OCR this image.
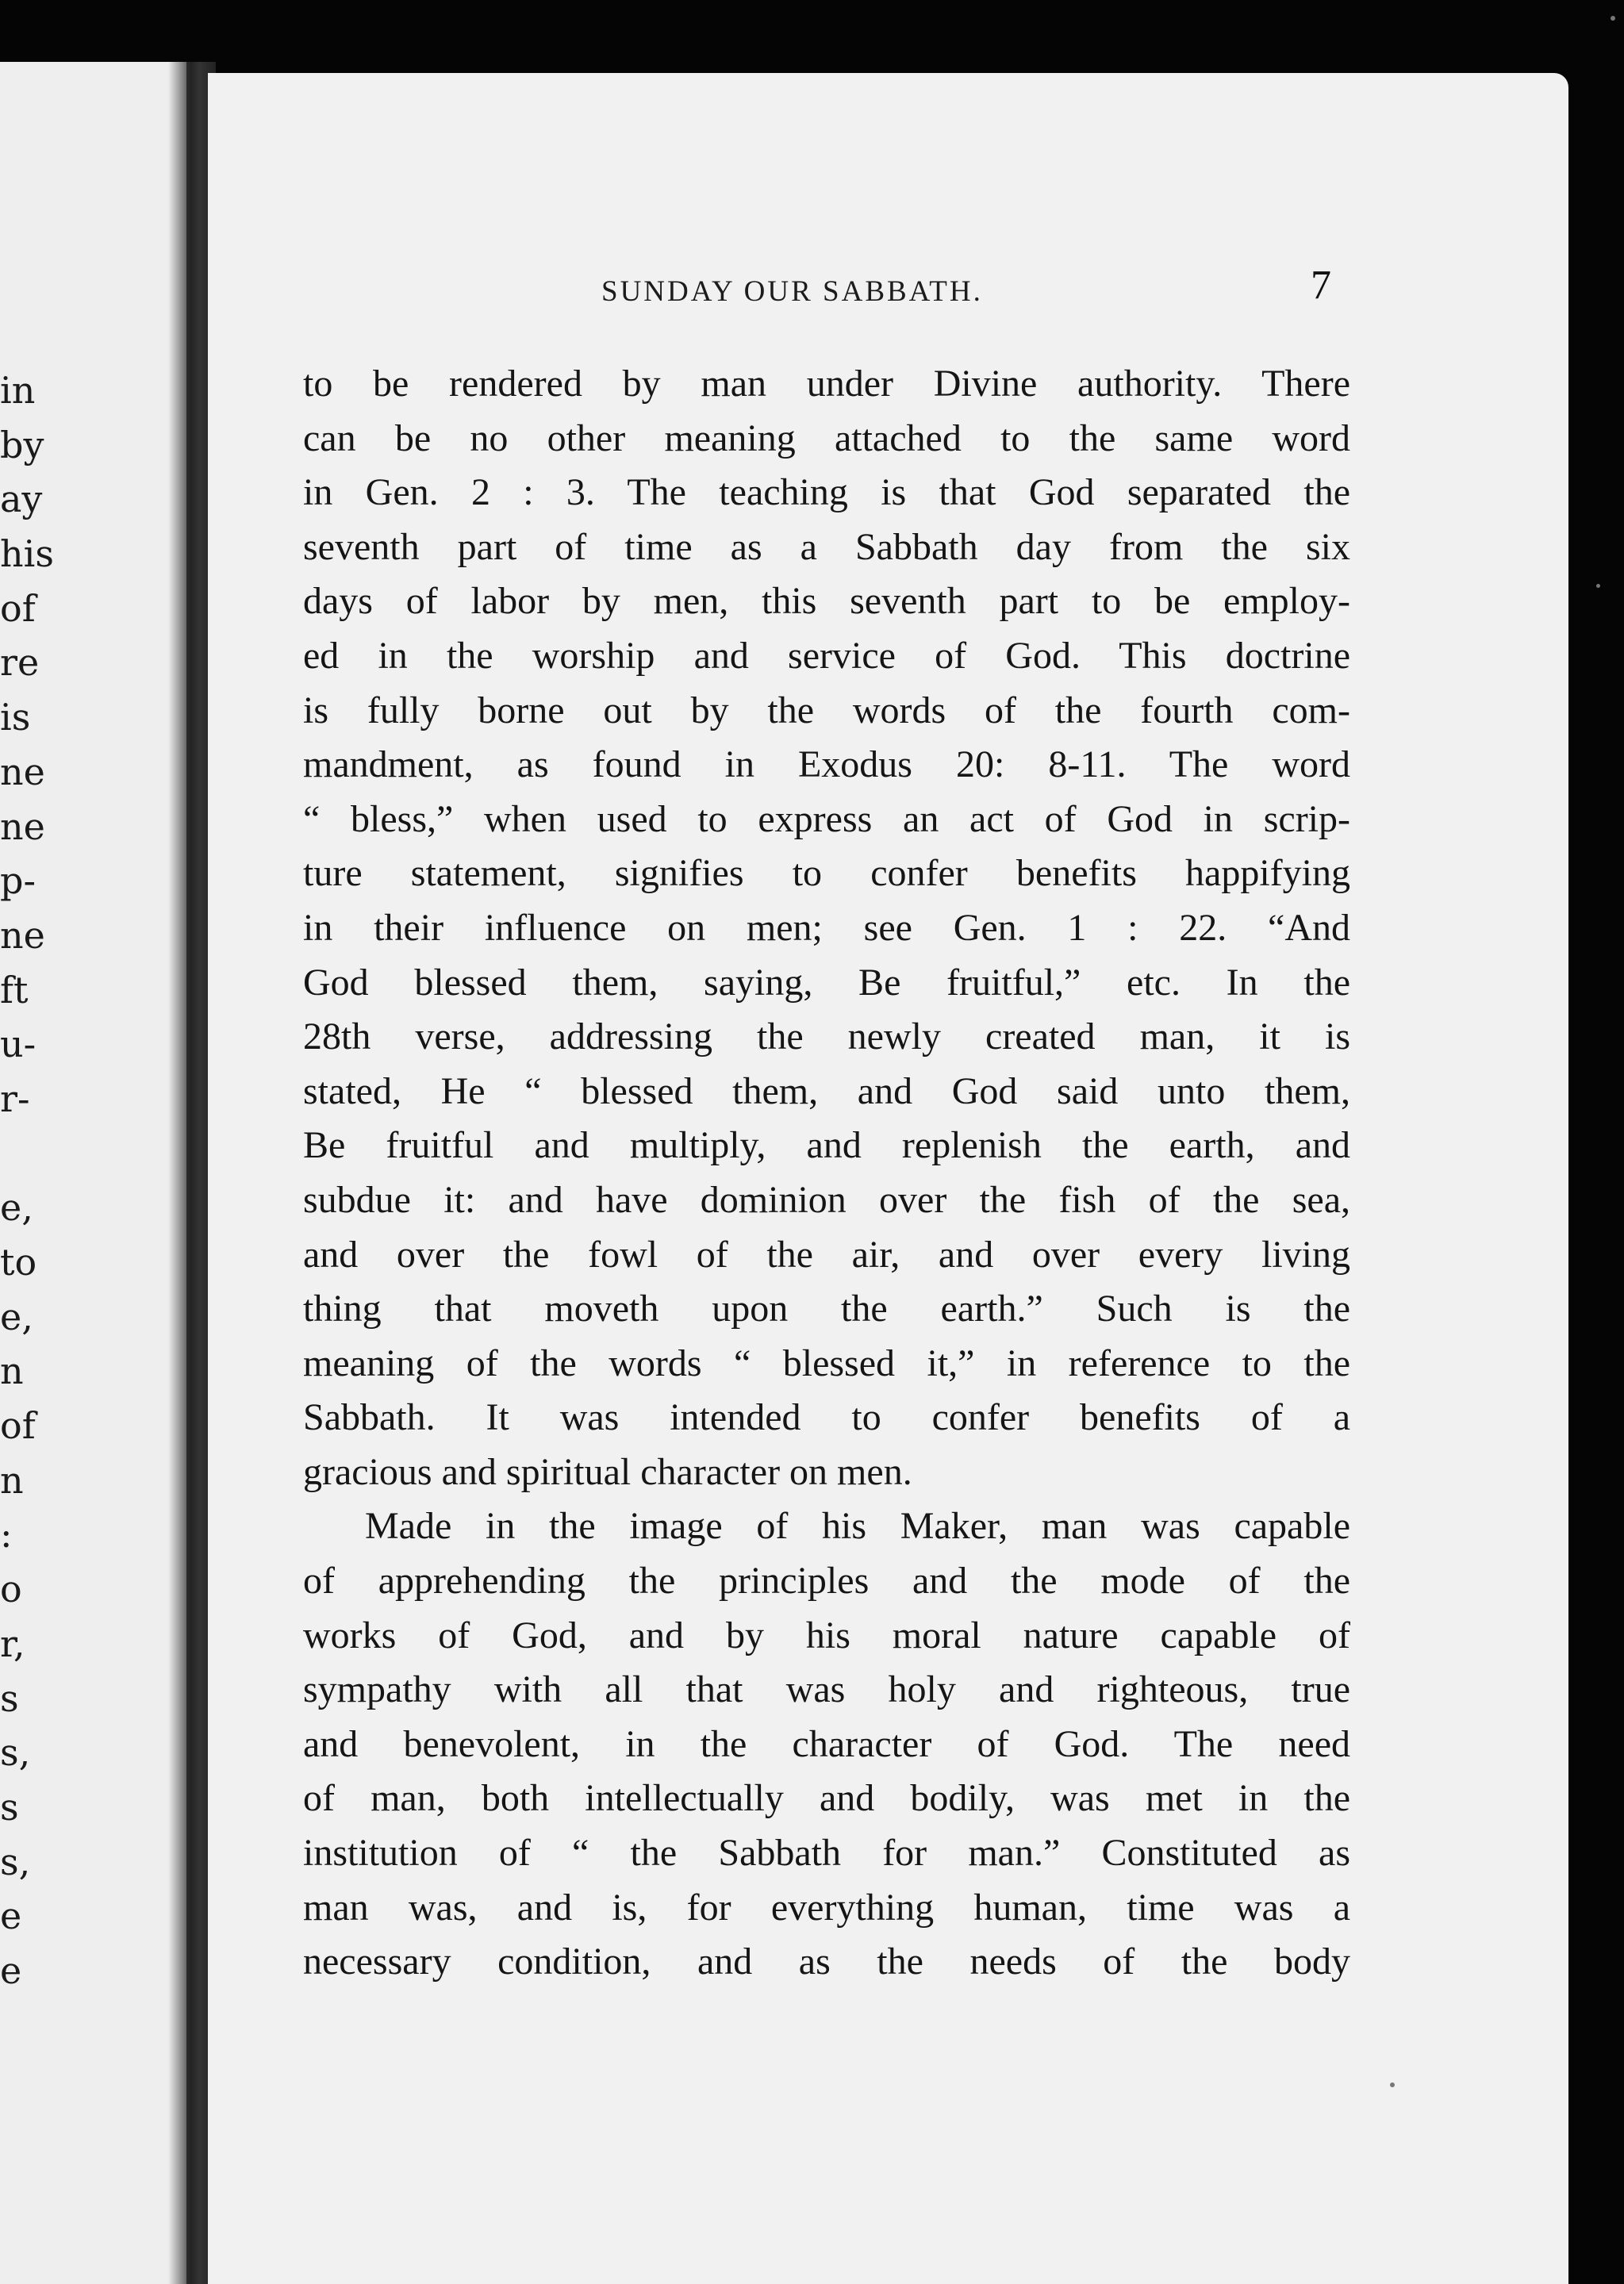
in
by
ay
his
of
re
is
ne
ne
p-
ne
ft
u-
r-
e,
to
e,
n
of
n
:
o
r,
s
s,
s
s,
e
e
SUNDAY OUR SABBATH.	7
to be rendered by man under Divine authority. There
can be no other meaning attached to the same word
in Gen. 2 : 3. The teaching is that God separated the
seventh part of time as a Sabbath day from the six
days of labor by men, this seventh part to be employ-
ed in the worship and service of God. This doctrine
is fully borne out by the words of the fourth com-
mandment, as found in Exodus 20: 8-11. The word
“ bless,” when used to express an act of God in scrip-
ture statement, signifies to confer benefits happifying
in their influence on men; see Gen. 1 : 22. “And
God blessed them, saying, Be fruitful,” etc. In the
28th verse, addressing the newly created man, it is
stated, He “ blessed them, and God said unto them,
Be fruitful and multiply, and replenish the earth, and
subdue it: and have dominion over the fish of the sea,
and over the fowl of the air, and over every living
thing that moveth upon the earth.” Such is the
meaning of the words “ blessed it,” in reference to the
Sabbath. It was intended to confer benefits of a
gracious and spiritual character on men.
Made in the image of his Maker, man was capable
of apprehending the principles and the mode of the
works of God, and by his moral nature capable of
sympathy with all that was holy and righteous, true
and benevolent, in the character of God. The need
of man, both intellectually and bodily, was met in the
institution of “ the Sabbath for man.” Constituted as
man was, and is, for everything human, time was a
necessary condition, and as the needs of the body
